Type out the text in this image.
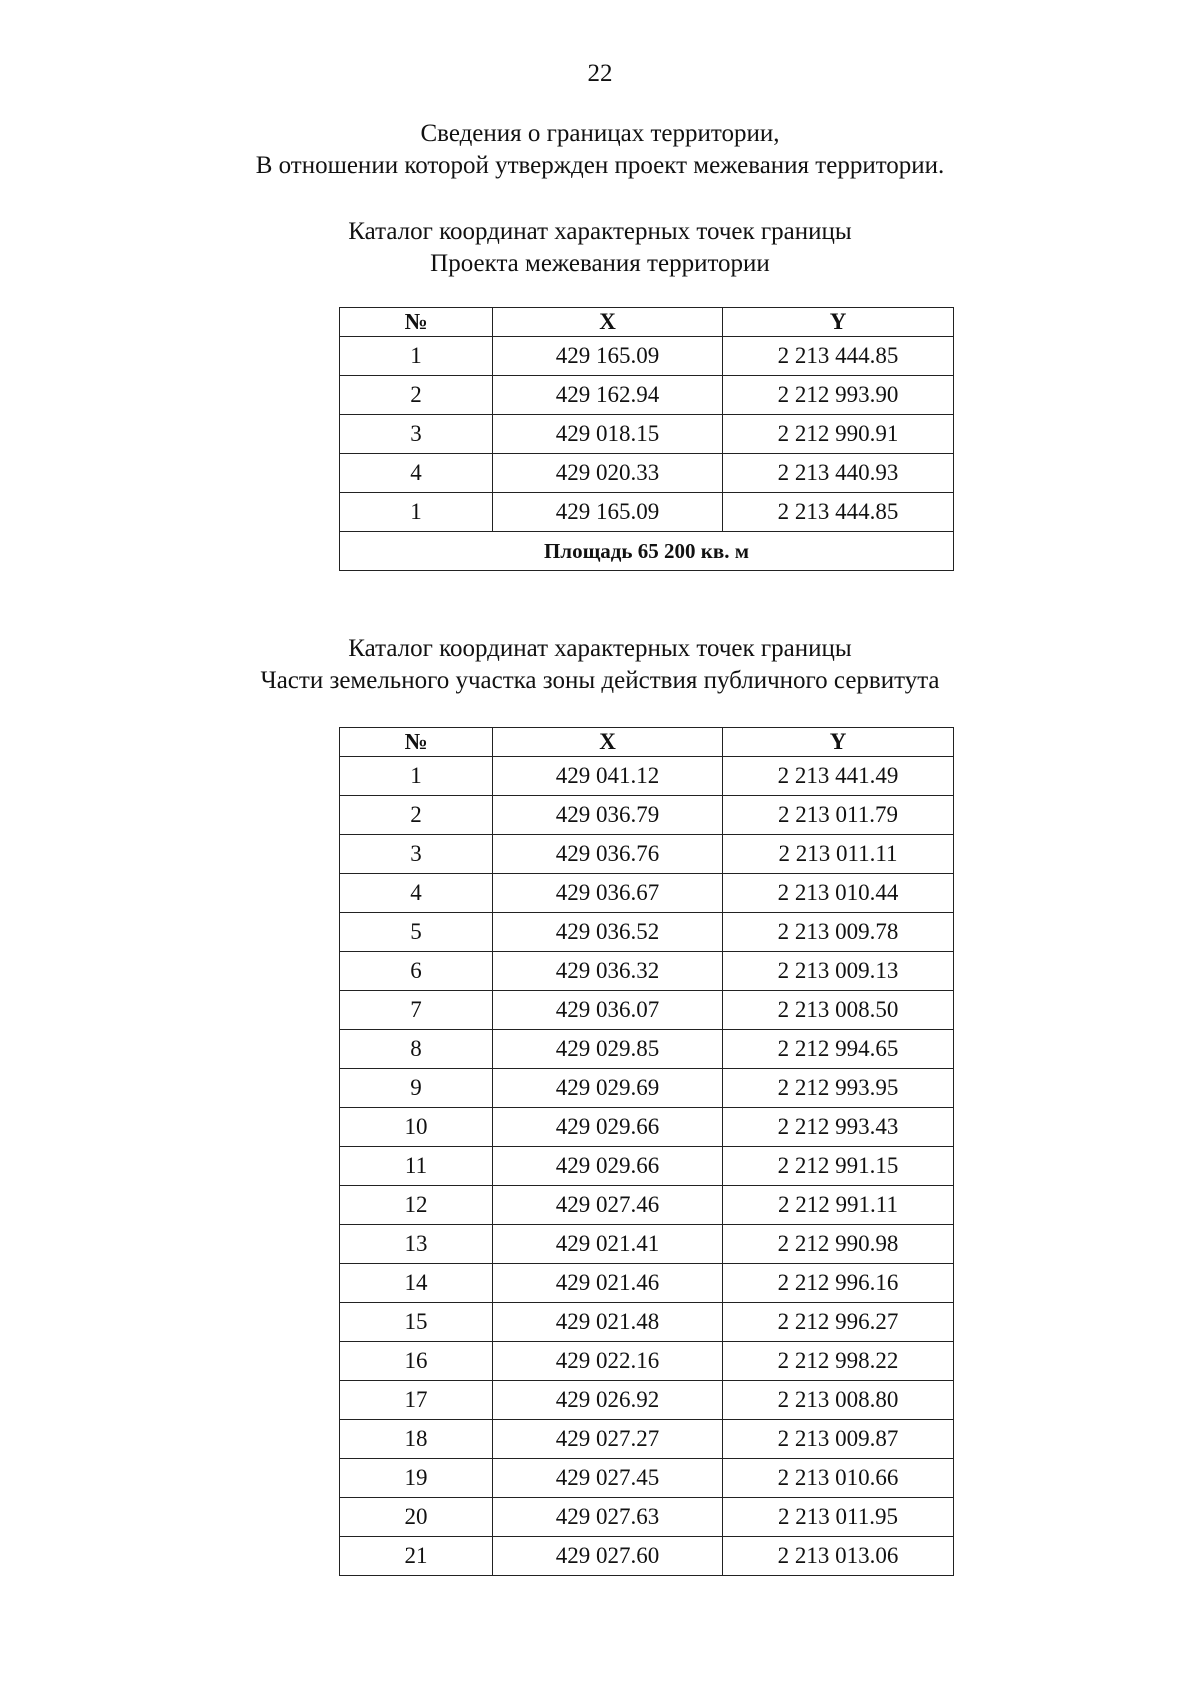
22
Сведения о границах территории,
В отношении которой утвержден проект межевания территории.
Каталог координат характерных точек границы
Проекта межевания территории
№	X	Y
1	429 165.09	2 213 444.85
2	429 162.94	2 212 993.90
3	429 018.15	2 212 990.91
4	429 020.33	2 213 440.93
1	429 165.09	2 213 444.85
Площадь 65 200 кв. м		
Каталог координат характерных точек границы
Части земельного участка зоны действия публичного сервитута
№	X	Y
1	429 041.12	2 213 441.49
2	429 036.79	2 213 011.79
3	429 036.76	2 213 011.11
4	429 036.67	2 213 010.44
5	429 036.52	2 213 009.78
6	429 036.32	2 213 009.13
7	429 036.07	2 213 008.50
8	429 029.85	2 212 994.65
9	429 029.69	2 212 993.95
10	429 029.66	2 212 993.43
11	429 029.66	2 212 991.15
12	429 027.46	2 212 991.11
13	429 021.41	2 212 990.98
14	429 021.46	2 212 996.16
15	429 021.48	2 212 996.27
16	429 022.16	2 212 998.22
17	429 026.92	2 213 008.80
18	429 027.27	2 213 009.87
19	429 027.45	2 213 010.66
20	429 027.63	2 213 011.95
21	429 027.60	2 213 013.06
